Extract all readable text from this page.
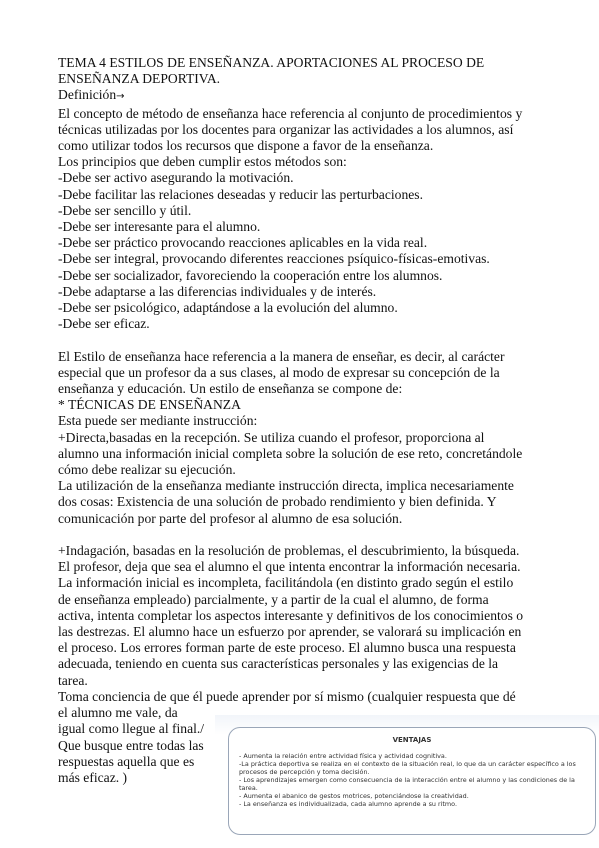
TEMA 4 ESTILOS DE ENSEÑANZA. APORTACIONES AL PROCESO DE
ENSEÑANZA DEPORTIVA.
Definición→
El concepto de método de enseñanza hace referencia al conjunto de procedimientos y
técnicas utilizadas por los docentes para organizar las actividades a los alumnos, así
como utilizar todos los recursos que dispone a favor de la enseñanza.
Los principios que deben cumplir estos métodos son:
-Debe ser activo asegurando la motivación.
-Debe facilitar las relaciones deseadas y reducir las perturbaciones.
-Debe ser sencillo y útil.
-Debe ser interesante para el alumno.
-Debe ser práctico provocando reacciones aplicables en la vida real.
-Debe ser integral, provocando diferentes reacciones psíquico-físicas-emotivas.
-Debe ser socializador, favoreciendo la cooperación entre los alumnos.
-Debe adaptarse a las diferencias individuales y de interés.
-Debe ser psicológico, adaptándose a la evolución del alumno.
-Debe ser eficaz.
El Estilo de enseñanza hace referencia a la manera de enseñar, es decir, al carácter
especial que un profesor da a sus clases, al modo de expresar su concepción de la
enseñanza y educación. Un estilo de enseñanza se compone de:
* TÉCNICAS DE ENSEÑANZA
Esta puede ser mediante instrucción:
+Directa,basadas en la recepción. Se utiliza cuando el profesor, proporciona al
alumno una información inicial completa sobre la solución de ese reto, concretándole
cómo debe realizar su ejecución.
La utilización de la enseñanza mediante instrucción directa, implica necesariamente
dos cosas: Existencia de una solución de probado rendimiento y bien definida. Y
comunicación por parte del profesor al alumno de esa solución.
+Indagación, basadas en la resolución de problemas, el descubrimiento, la búsqueda.
El profesor, deja que sea el alumno el que intenta encontrar la información necesaria.
La información inicial es incompleta, facilitándola (en distinto grado según el estilo
de enseñanza empleado) parcialmente, y a partir de la cual el alumno, de forma
activa, intenta completar los aspectos interesante y definitivos de los conocimientos o
las destrezas. El alumno hace un esfuerzo por aprender, se valorará su implicación en
el proceso. Los errores forman parte de este proceso. El alumno busca una respuesta
adecuada, teniendo en cuenta sus características personales y las exigencias de la
tarea.
Toma conciencia de que él puede aprender por sí mismo (cualquier respuesta que dé
el alumno me vale, da
igual como llegue al final./
Que busque entre todas las
respuestas aquella que es
más eficaz. )
VENTAJAS

- Aumenta la relación entre actividad física y actividad cognitiva.

-La práctica deportiva se realiza en el contexto de la situación real, lo que da un carácter específico a los procesos de percepción y toma decisión.

- Los aprendizajes emergen como consecuencia de la interacción entre el alumno y las condiciones de la tarea.

- Aumenta el abanico de gestos motrices, potenciándose la creatividad.

- La enseñanza es individualizada, cada alumno aprende a su ritmo.
